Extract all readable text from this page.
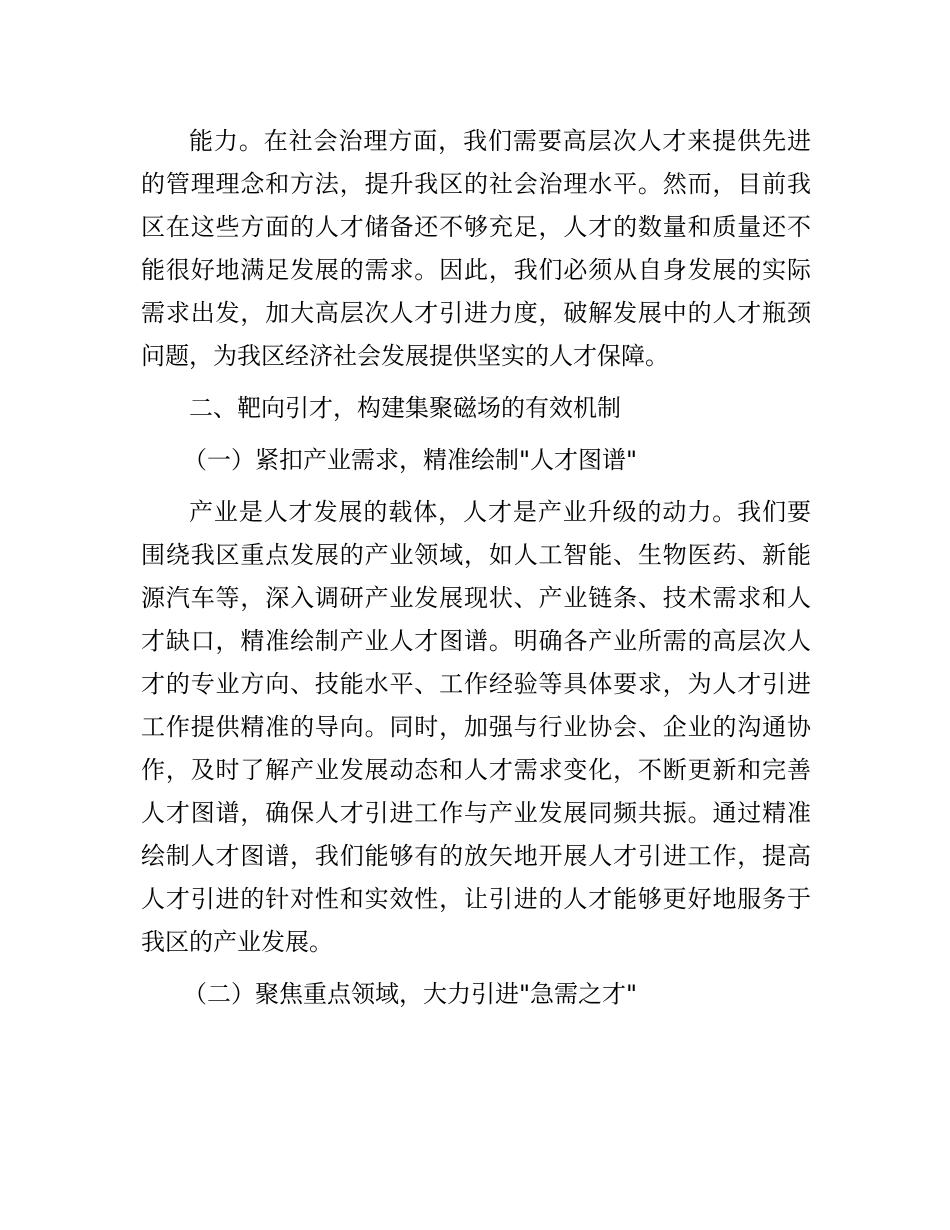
能力。在社会治理方面，我们需要高层次人才来提供先进的管理理念和方法，提升我区的社会治理水平。然而，目前我区在这些方面的人才储备还不够充足，人才的数量和质量还不能很好地满足发展的需求。因此，我们必须从自身发展的实际需求出发，加大高层次人才引进力度，破解发展中的人才瓶颈问题，为我区经济社会发展提供坚实的人才保障。

二、靶向引才，构建集聚磁场的有效机制

（一）紧扣产业需求，精准绘制"人才图谱"

产业是人才发展的载体，人才是产业升级的动力。我们要围绕我区重点发展的产业领域，如人工智能、生物医药、新能源汽车等，深入调研产业发展现状、产业链条、技术需求和人才缺口，精准绘制产业人才图谱。明确各产业所需的高层次人才的专业方向、技能水平、工作经验等具体要求，为人才引进工作提供精准的导向。同时，加强与行业协会、企业的沟通协作，及时了解产业发展动态和人才需求变化，不断更新和完善人才图谱，确保人才引进工作与产业发展同频共振。通过精准绘制人才图谱，我们能够有的放矢地开展人才引进工作，提高人才引进的针对性和实效性，让引进的人才能够更好地服务于我区的产业发展。

（二）聚焦重点领域，大力引进"急需之才"
